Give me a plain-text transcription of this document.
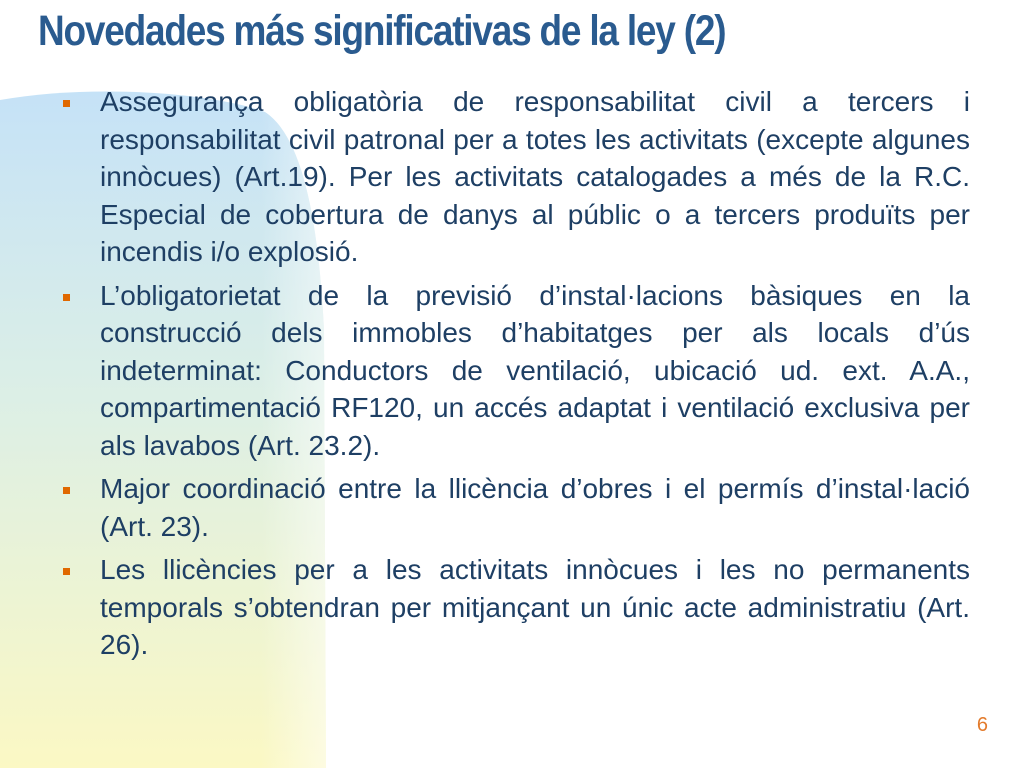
Novedades más significativas de la ley (2)
Assegurança obligatòria de responsabilitat civil a tercers i responsabilitat civil patronal per a totes les activitats (excepte algunes innòcues) (Art.19). Per les activitats catalogades a més de la R.C. Especial de cobertura de danys al públic o a tercers produïts per incendis i/o explosió.
L’obligatorietat de la previsió d’instal·lacions bàsiques en la construcció dels immobles d’habitatges per als locals d’ús indeterminat: Conductors de ventilació, ubicació ud. ext. A.A., compartimentació RF120, un accés adaptat i ventilació exclusiva per als lavabos (Art. 23.2).
Major coordinació entre la llicència d’obres i el permís d’instal·lació (Art. 23).
Les llicències per a les activitats innòcues i les no permanents temporals s’obtendran per mitjançant un únic acte administratiu (Art. 26).
6
